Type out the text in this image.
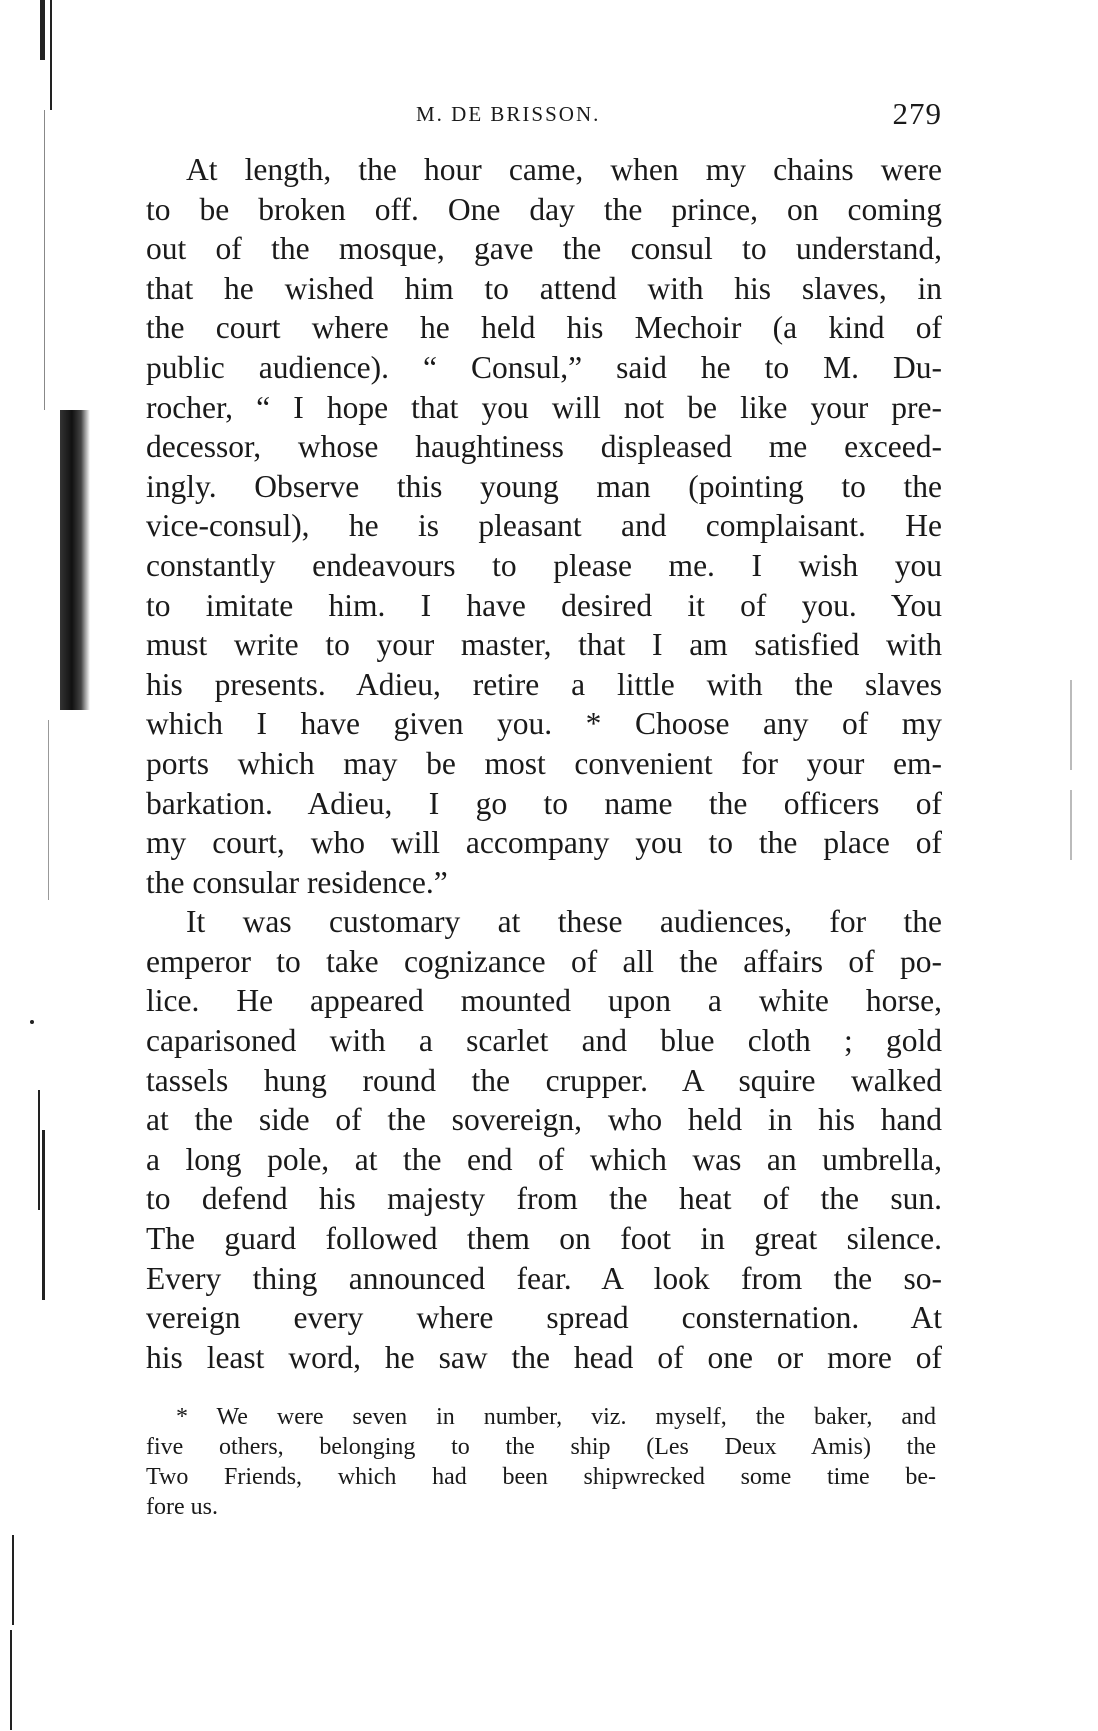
M. DE BRISSON.	279
At length, the hour came, when my chains were
to be broken off. One day the prince, on coming
out of the mosque, gave the consul to understand,
that he wished him to attend with his slaves, in
the court where he held his Mechoir (a kind of
public audience). “ Consul,” said he to M. Du-
rocher, “ I hope that you will not be like your pre-
decessor, whose haughtiness displeased me exceed-
ingly. Observe this young man (pointing to the
vice-consul), he is pleasant and complaisant. He
constantly endeavours to please me. I wish you
to imitate him. I have desired it of you. You
must write to your master, that I am satisfied with
his presents. Adieu, retire a little with the slaves
which I have given you. * Choose any of my
ports which may be most convenient for your em-
barkation. Adieu, I go to name the officers of
my court, who will accompany you to the place of
the consular residence.”
It was customary at these audiences, for the
emperor to take cognizance of all the affairs of po-
lice. He appeared mounted upon a white horse,
caparisoned with a scarlet and blue cloth ; gold
tassels hung round the crupper. A squire walked
at the side of the sovereign, who held in his hand
a long pole, at the end of which was an umbrella,
to defend his majesty from the heat of the sun.
The guard followed them on foot in great silence.
Every thing announced fear. A look from the so-
vereign every where spread consternation. At
his least word, he saw the head of one or more of
* We were seven in number, viz. myself, the baker, and
five others, belonging to the ship (Les Deux Amis) the
Two Friends, which had been shipwrecked some time be-
fore us.
